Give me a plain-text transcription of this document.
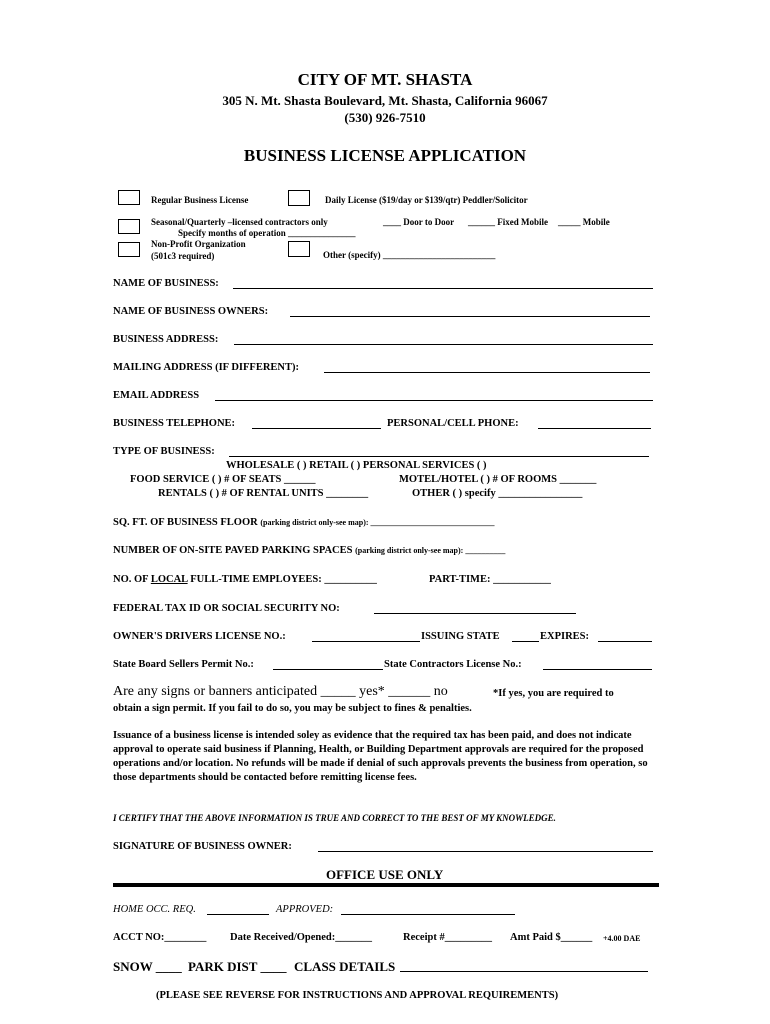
CITY OF MT. SHASTA
305 N. Mt. Shasta Boulevard, Mt. Shasta, California 96067
(530) 926-7510
BUSINESS LICENSE APPLICATION
Regular Business License	Daily License ($19/day or $139/qtr) Peddler/Solicitor
Seasonal/Quarterly –licensed contractors only
Specify months of operation _______________
____ Door to Door ______ Fixed Mobile _____ Mobile
Non-Profit Organization
(501c3 required)	Other (specify) _________________________
NAME OF BUSINESS:
NAME OF BUSINESS OWNERS:
BUSINESS ADDRESS:
MAILING ADDRESS (IF DIFFERENT):
EMAIL ADDRESS
BUSINESS TELEPHONE:	PERSONAL/CELL PHONE:
TYPE OF BUSINESS:
WHOLESALE ( ) RETAIL ( ) PERSONAL SERVICES ( )
FOOD SERVICE ( ) # OF SEATS ______	MOTEL/HOTEL ( ) # OF ROOMS _______
RENTALS ( ) # OF RENTAL UNITS ________	OTHER ( ) specify ________________
SQ. FT. OF BUSINESS FLOOR (parking district only-see map): _______________________________
NUMBER OF ON-SITE PAVED PARKING SPACES (parking district only-see map): __________
NO. OF LOCAL FULL-TIME EMPLOYEES: __________	PART-TIME: ___________
FEDERAL TAX ID OR SOCIAL SECURITY NO:
OWNER'S DRIVERS LICENSE NO.:	ISSUING STATE	EXPIRES:
State Board Sellers Permit No.:	State Contractors License No.:
Are any signs or banners anticipated _____ yes* ______ no	*If yes, you are required to
obtain a sign permit. If you fail to do so, you may be subject to fines & penalties.
Issuance of a business license is intended soley as evidence that the required tax has been paid, and does not indicate approval to operate said business if Planning, Health, or Building Department approvals are required for the proposed operations and/or location. No refunds will be made if denial of such approvals prevents the business from operation, so those departments should be contacted before remitting license fees.
I CERTIFY THAT THE ABOVE INFORMATION IS TRUE AND CORRECT TO THE BEST OF MY KNOWLEDGE.
SIGNATURE OF BUSINESS OWNER:
OFFICE USE ONLY
HOME OCC. REQ.	APPROVED:
ACCT NO:________ Date Received/Opened:_______	Receipt #_________ Amt Paid $______ +4.00 DAE
SNOW ____ PARK DIST ____ CLASS DETAILS
(PLEASE SEE REVERSE FOR INSTRUCTIONS AND APPROVAL REQUIREMENTS)
